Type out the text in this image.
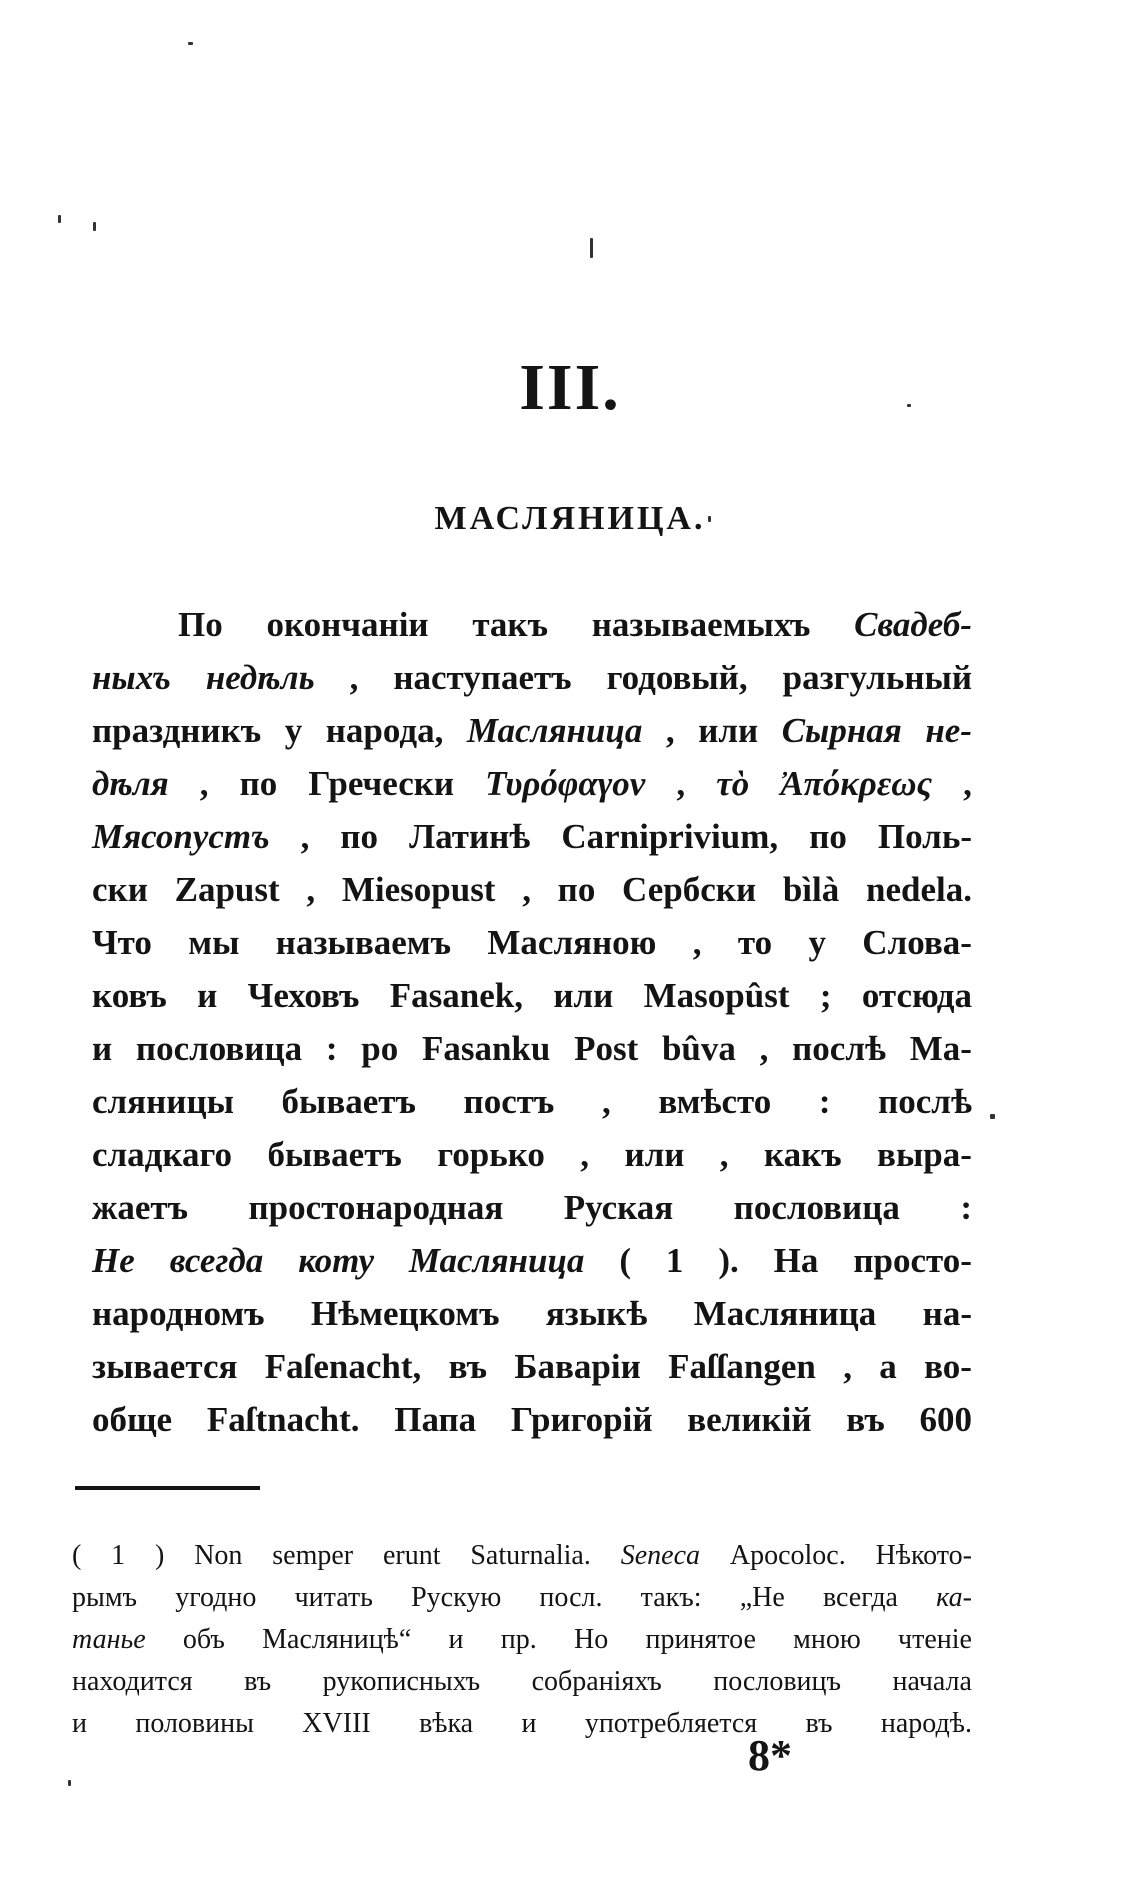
III.
МАСЛЯНИЦА.
По окончаніи такъ называемыхъ Свадеб-
ныхъ недѣль , наступаетъ годовый, разгульный
праздникъ у народа, Масляница , или Сырная не-
дѣля , по Гречески Τυρόφαγον , τὸ Ἀπόκρεως ,
Мясопустъ , по Латинѣ Carniprivium, по Поль-
ски Zapust , Miesopust , по Сербски bìlà nedela.
Что мы называемъ Масляною , то у Слова-
ковъ и Чеховъ Fasanek, или Masopûst ; отсюда
и пословица : po Fasanku Post bûva , послѣ Ма-
сляницы бываетъ постъ , вмѣсто : послѣ
сладкаго бываетъ горько , или , какъ выра-
жаетъ простонародная Руская пословица :
Не всегда коту Масляница ( 1 ). На просто-
народномъ Нѣмецкомъ языкѣ Масляница на-
зывается Faſenacht, въ Баваріи Faſſangen , а во-
обще Faſtnacht. Папа Григорій великій въ 600
( 1 ) Non semper erunt Saturnalia. Seneca Apocoloc. Нѣкото-
рымъ угодно читать Рускую посл. такъ: „Не всегда ка-
танье объ Масляницѣ“ и пр. Но принятое мною чтеніе
находится въ рукописныхъ собраніяхъ пословицъ начала
и половины XVIII вѣка и употребляется въ народѣ.
8*
